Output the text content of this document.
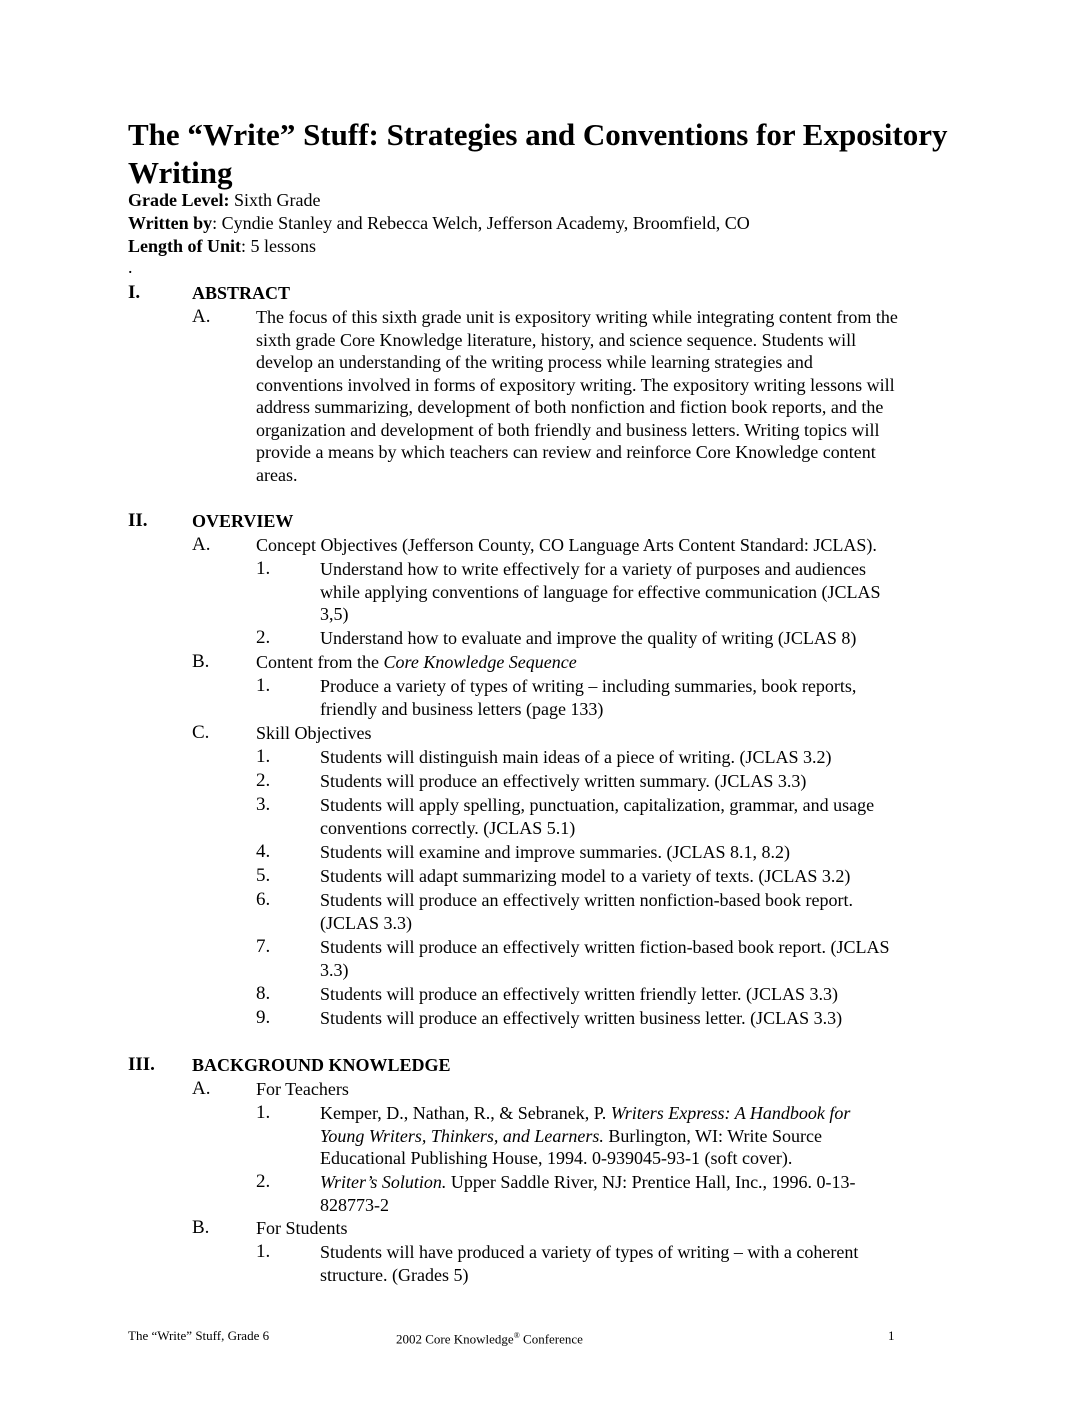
The “Write” Stuff: Strategies and Conventions for Expository Writing
Grade Level: Sixth Grade
Written by: Cyndie Stanley and Rebecca Welch, Jefferson Academy, Broomfield, CO
Length of Unit: 5 lessons
.
I.	ABSTRACT
A.	The focus of this sixth grade unit is expository writing while integrating content from the
sixth grade Core Knowledge literature, history, and science sequence. Students will
develop an understanding of the writing process while learning strategies and
conventions involved in forms of expository writing. The expository writing lessons will
address summarizing, development of both nonfiction and fiction book reports, and the
organization and development of both friendly and business letters. Writing topics will
provide a means by which teachers can review and reinforce Core Knowledge content
areas.
II. OVERVIEW
A.	Concept Objectives (Jefferson County, CO Language Arts Content Standard: JCLAS).
1.	Understand how to write effectively for a variety of purposes and audiences
while applying conventions of language for effective communication (JCLAS
3,5)
2.	Understand how to evaluate and improve the quality of writing (JCLAS 8)
B.	Content from the Core Knowledge Sequence
1.	Produce a variety of types of writing – including summaries, book reports,
friendly and business letters (page 133)
C.	Skill Objectives
1.	Students will distinguish main ideas of a piece of writing. (JCLAS 3.2)
2.	Students will produce an effectively written summary. (JCLAS 3.3)
3.	Students will apply spelling, punctuation, capitalization, grammar, and usage
conventions correctly. (JCLAS 5.1)
4.	Students will examine and improve summaries. (JCLAS 8.1, 8.2)
5.	Students will adapt summarizing model to a variety of texts. (JCLAS 3.2)
6.	Students will produce an effectively written nonfiction-based book report.
(JCLAS 3.3)
7.	Students will produce an effectively written fiction-based book report. (JCLAS
3.3)
8.	Students will produce an effectively written friendly letter. (JCLAS 3.3)
9.	Students will produce an effectively written business letter. (JCLAS 3.3)
III. BACKGROUND KNOWLEDGE
A.	For Teachers
1.	Kemper, D., Nathan, R., & Sebranek, P. Writers Express: A Handbook for
Young Writers, Thinkers, and Learners. Burlington, WI: Write Source
Educational Publishing House, 1994. 0-939045-93-1 (soft cover).
2.	Writer’s Solution. Upper Saddle River, NJ: Prentice Hall, Inc., 1996. 0-13-
828773-2
B.	For Students
1.	Students will have produced a variety of types of writing – with a coherent
structure. (Grades 5)
The “Write” Stuff, Grade 6	2002 Core Knowledge® Conference	1
